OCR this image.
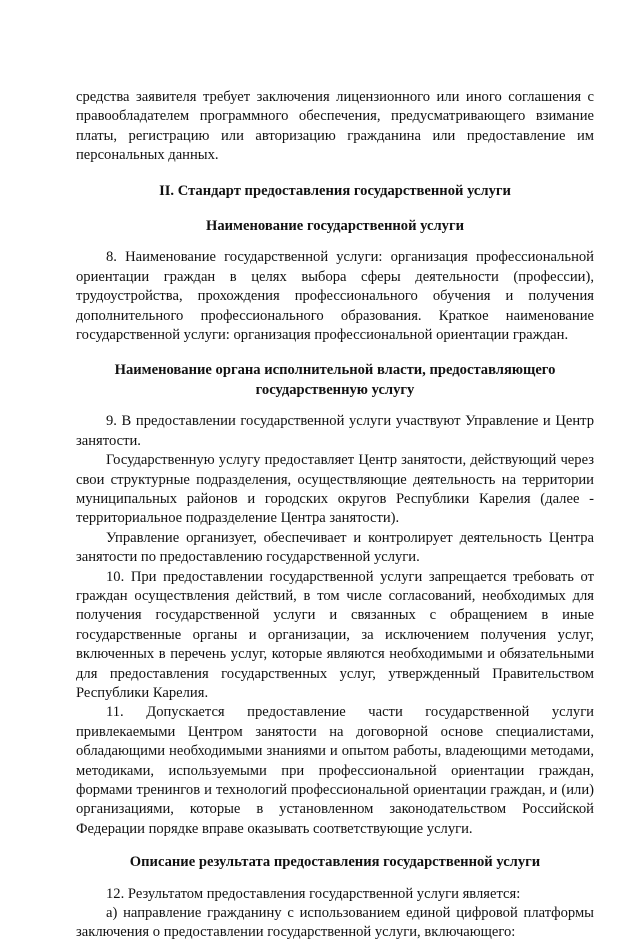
средства заявителя требует заключения лицензионного или иного соглашения с правообладателем программного обеспечения, предусматривающего взимание платы, регистрацию или авторизацию гражданина или предоставление им персональных данных.

II. Стандарт предоставления государственной услуги

Наименование государственной услуги

8. Наименование государственной услуги: организация профессиональной ориентации граждан в целях выбора сферы деятельности (профессии), трудоустройства, прохождения профессионального обучения и получения дополнительного профессионального образования. Краткое наименование государственной услуги: организация профессиональной ориентации граждан.

Наименование органа исполнительной власти, предоставляющего государственную услугу

9. В предоставлении государственной услуги участвуют Управление и Центр занятости.

Государственную услугу предоставляет Центр занятости, действующий через свои структурные подразделения, осуществляющие деятельность на территории муниципальных районов и городских округов Республики Карелия (далее - территориальное подразделение Центра занятости).

Управление организует, обеспечивает и контролирует деятельность Центра занятости по предоставлению государственной услуги.

10. При предоставлении государственной услуги запрещается требовать от граждан осуществления действий, в том числе согласований, необходимых для получения государственной услуги и связанных с обращением в иные государственные органы и организации, за исключением получения услуг, включенных в перечень услуг, которые являются необходимыми и обязательными для предоставления государственных услуг, утвержденный Правительством Республики Карелия.

11. Допускается предоставление части государственной услуги привлекаемыми Центром занятости на договорной основе специалистами, обладающими необходимыми знаниями и опытом работы, владеющими методами, методиками, используемыми при профессиональной ориентации граждан, формами тренингов и технологий профессиональной ориентации граждан, и (или) организациями, которые в установленном законодательством Российской Федерации порядке вправе оказывать соответствующие услуги.

Описание результата предоставления государственной услуги

12. Результатом предоставления государственной услуги является:

а) направление гражданину с использованием единой цифровой платформы заключения о предоставлении государственной услуги, включающего:
